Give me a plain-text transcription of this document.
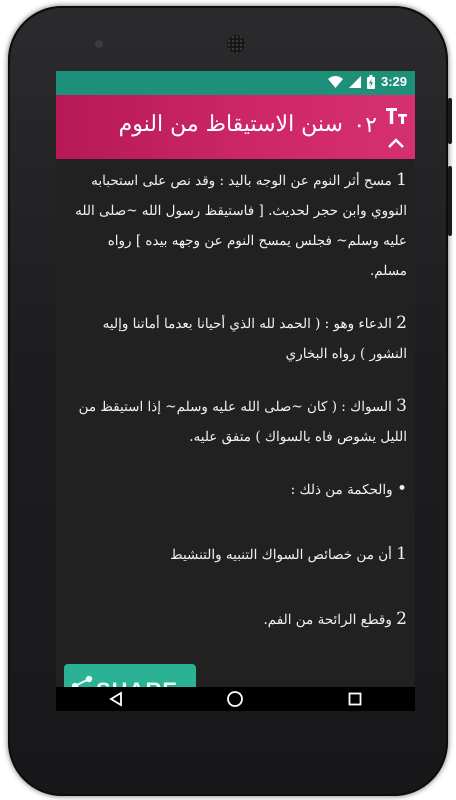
3:29
٠٢
سنن الاستيقاظ من النوم

1 مسح أثر النوم عن الوجه باليد : وقد نص على استحبابه النووي وابن حجر لحديث. [ فاستيقظ رسول الله ~صلى الله عليه وسلم~ فجلس يمسح النوم عن وجهه بيده ] رواه مسلم.

2 الدعاء وهو : ( الحمد لله الذي أحيانا بعدما أماتنا وإليه النشور ) رواه البخاري

3 السواك : ( كان ~صلى الله عليه وسلم~ إذا استيقظ من الليل يشوص فاه بالسواك ) متفق عليه.

• والحكمة من ذلك :

1 أن من خصائص السواك التنبيه والتنشيط

2 وقطع الرائحة من الفم.
